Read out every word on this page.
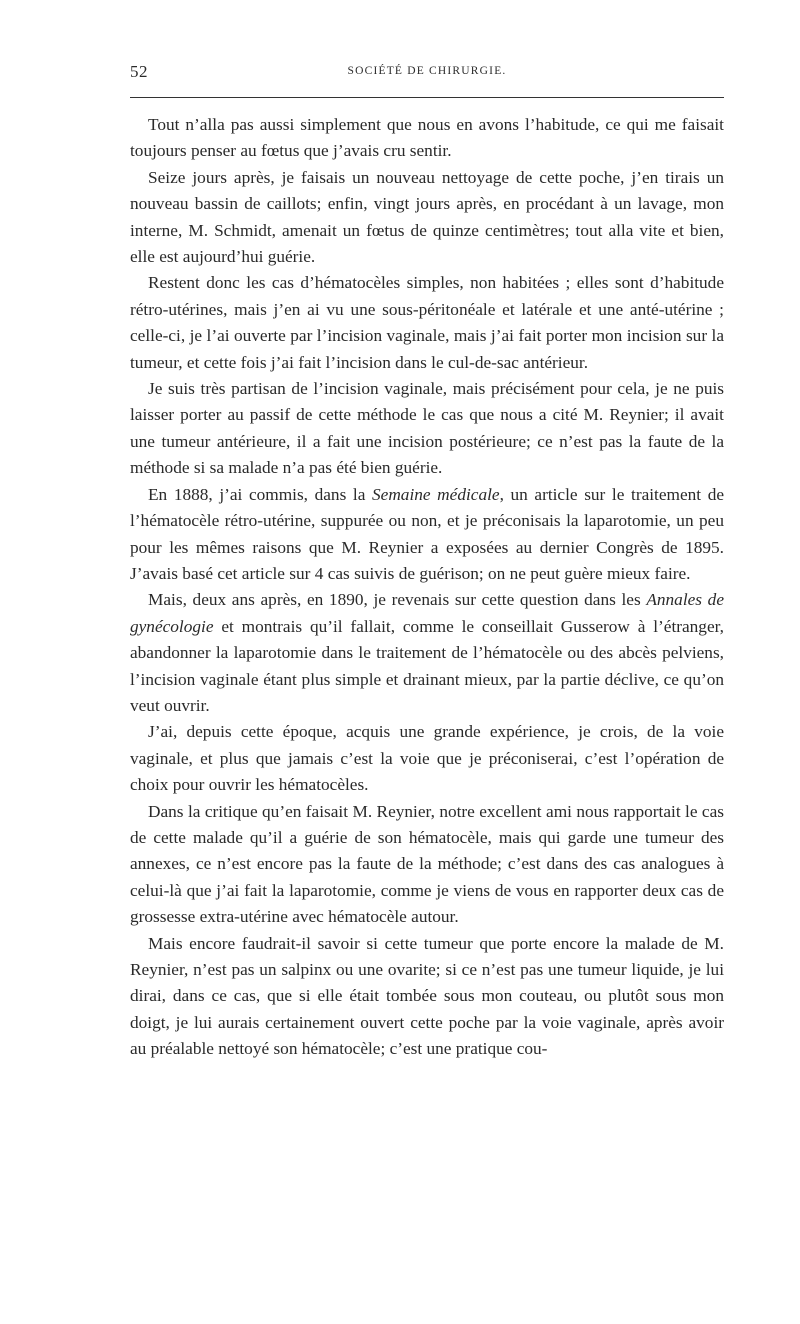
52	SOCIÉTÉ DE CHIRURGIE.

Tout n’alla pas aussi simplement que nous en avons l’habitude, ce qui me faisait toujours penser au fœtus que j’avais cru sentir.

Seize jours après, je faisais un nouveau nettoyage de cette poche, j’en tirais un nouveau bassin de caillots; enfin, vingt jours après, en procédant à un lavage, mon interne, M. Schmidt, amenait un fœtus de quinze centimètres; tout alla vite et bien, elle est aujourd’hui guérie.

Restent donc les cas d’hématocèles simples, non habitées ; elles sont d’habitude rétro-utérines, mais j’en ai vu une sous-péritonéale et latérale et une anté-utérine ; celle-ci, je l’ai ouverte par l’incision vaginale, mais j’ai fait porter mon incision sur la tumeur, et cette fois j’ai fait l’incision dans le cul-de-sac antérieur.

Je suis très partisan de l’incision vaginale, mais précisément pour cela, je ne puis laisser porter au passif de cette méthode le cas que nous a cité M. Reynier; il avait une tumeur antérieure, il a fait une incision postérieure; ce n’est pas la faute de la méthode si sa malade n’a pas été bien guérie.

En 1888, j’ai commis, dans la Semaine médicale, un article sur le traitement de l’hématocèle rétro-utérine, suppurée ou non, et je préconisais la laparotomie, un peu pour les mêmes raisons que M. Reynier a exposées au dernier Congrès de 1895. J’avais basé cet article sur 4 cas suivis de guérison; on ne peut guère mieux faire.

Mais, deux ans après, en 1890, je revenais sur cette question dans les Annales de gynécologie et montrais qu’il fallait, comme le conseillait Gusserow à l’étranger, abandonner la laparotomie dans le traitement de l’hématocèle ou des abcès pelviens, l’incision vaginale étant plus simple et drainant mieux, par la partie déclive, ce qu’on veut ouvrir.

J’ai, depuis cette époque, acquis une grande expérience, je crois, de la voie vaginale, et plus que jamais c’est la voie que je préconiserai, c’est l’opération de choix pour ouvrir les hématocèles.

Dans la critique qu’en faisait M. Reynier, notre excellent ami nous rapportait le cas de cette malade qu’il a guérie de son hématocèle, mais qui garde une tumeur des annexes, ce n’est encore pas la faute de la méthode; c’est dans des cas analogues à celui-là que j’ai fait la laparotomie, comme je viens de vous en rapporter deux cas de grossesse extra-utérine avec hématocèle autour.

Mais encore faudrait-il savoir si cette tumeur que porte encore la malade de M. Reynier, n’est pas un salpinx ou une ovarite; si ce n’est pas une tumeur liquide, je lui dirai, dans ce cas, que si elle était tombée sous mon couteau, ou plutôt sous mon doigt, je lui aurais certainement ouvert cette poche par la voie vaginale, après avoir au préalable nettoyé son hématocèle; c’est une pratique cou-
